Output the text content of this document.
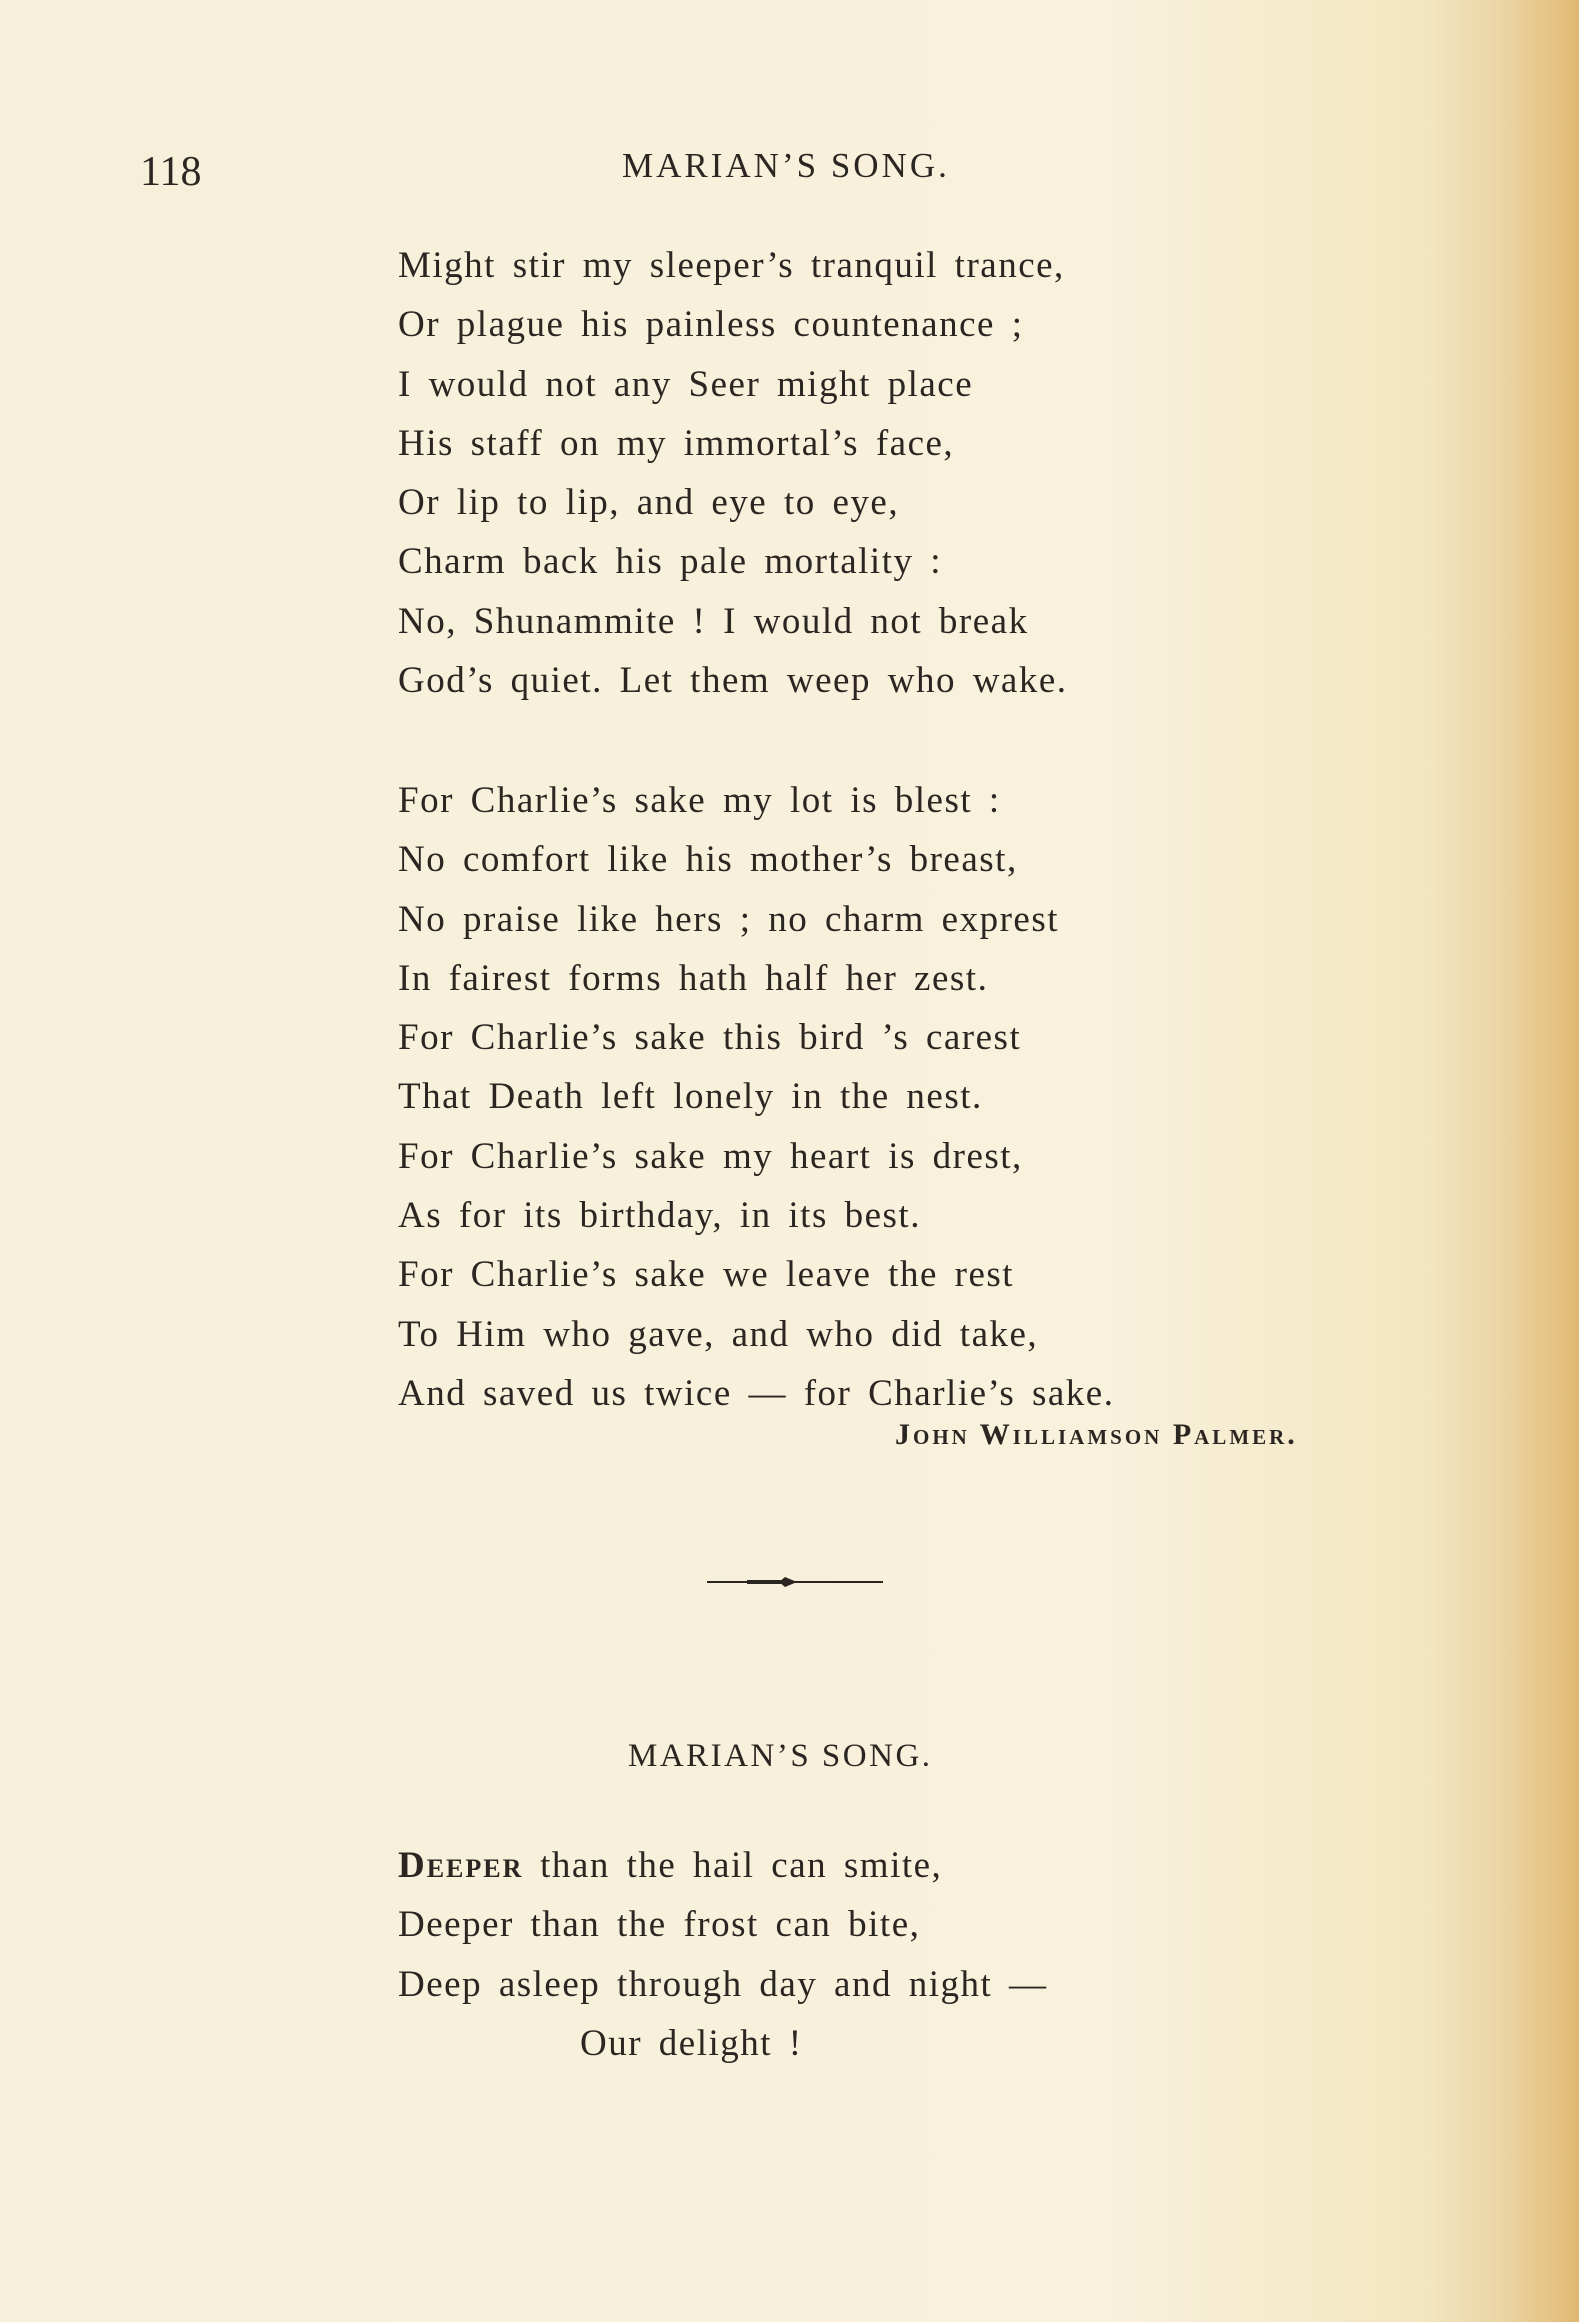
118	MARIAN’S SONG.
Might stir my sleeper’s tranquil trance,
Or plague his painless countenance ;
I would not any Seer might place
His staff on my immortal’s face,
Or lip to lip, and eye to eye,
Charm back his pale mortality :
No, Shunammite ! I would not break
God’s quiet. Let them weep who wake.
For Charlie’s sake my lot is blest :
No comfort like his mother’s breast,
No praise like hers ; no charm exprest
In fairest forms hath half her zest.
For Charlie’s sake this bird ’s carest
That Death left lonely in the nest.
For Charlie’s sake my heart is drest,
As for its birthday, in its best.
For Charlie’s sake we leave the rest
To Him who gave, and who did take,
And saved us twice — for Charlie’s sake.
John Williamson Palmer.
MARIAN’S SONG.
Deeper than the hail can smite,
Deeper than the frost can bite,
Deep asleep through day and night —
Our delight !
